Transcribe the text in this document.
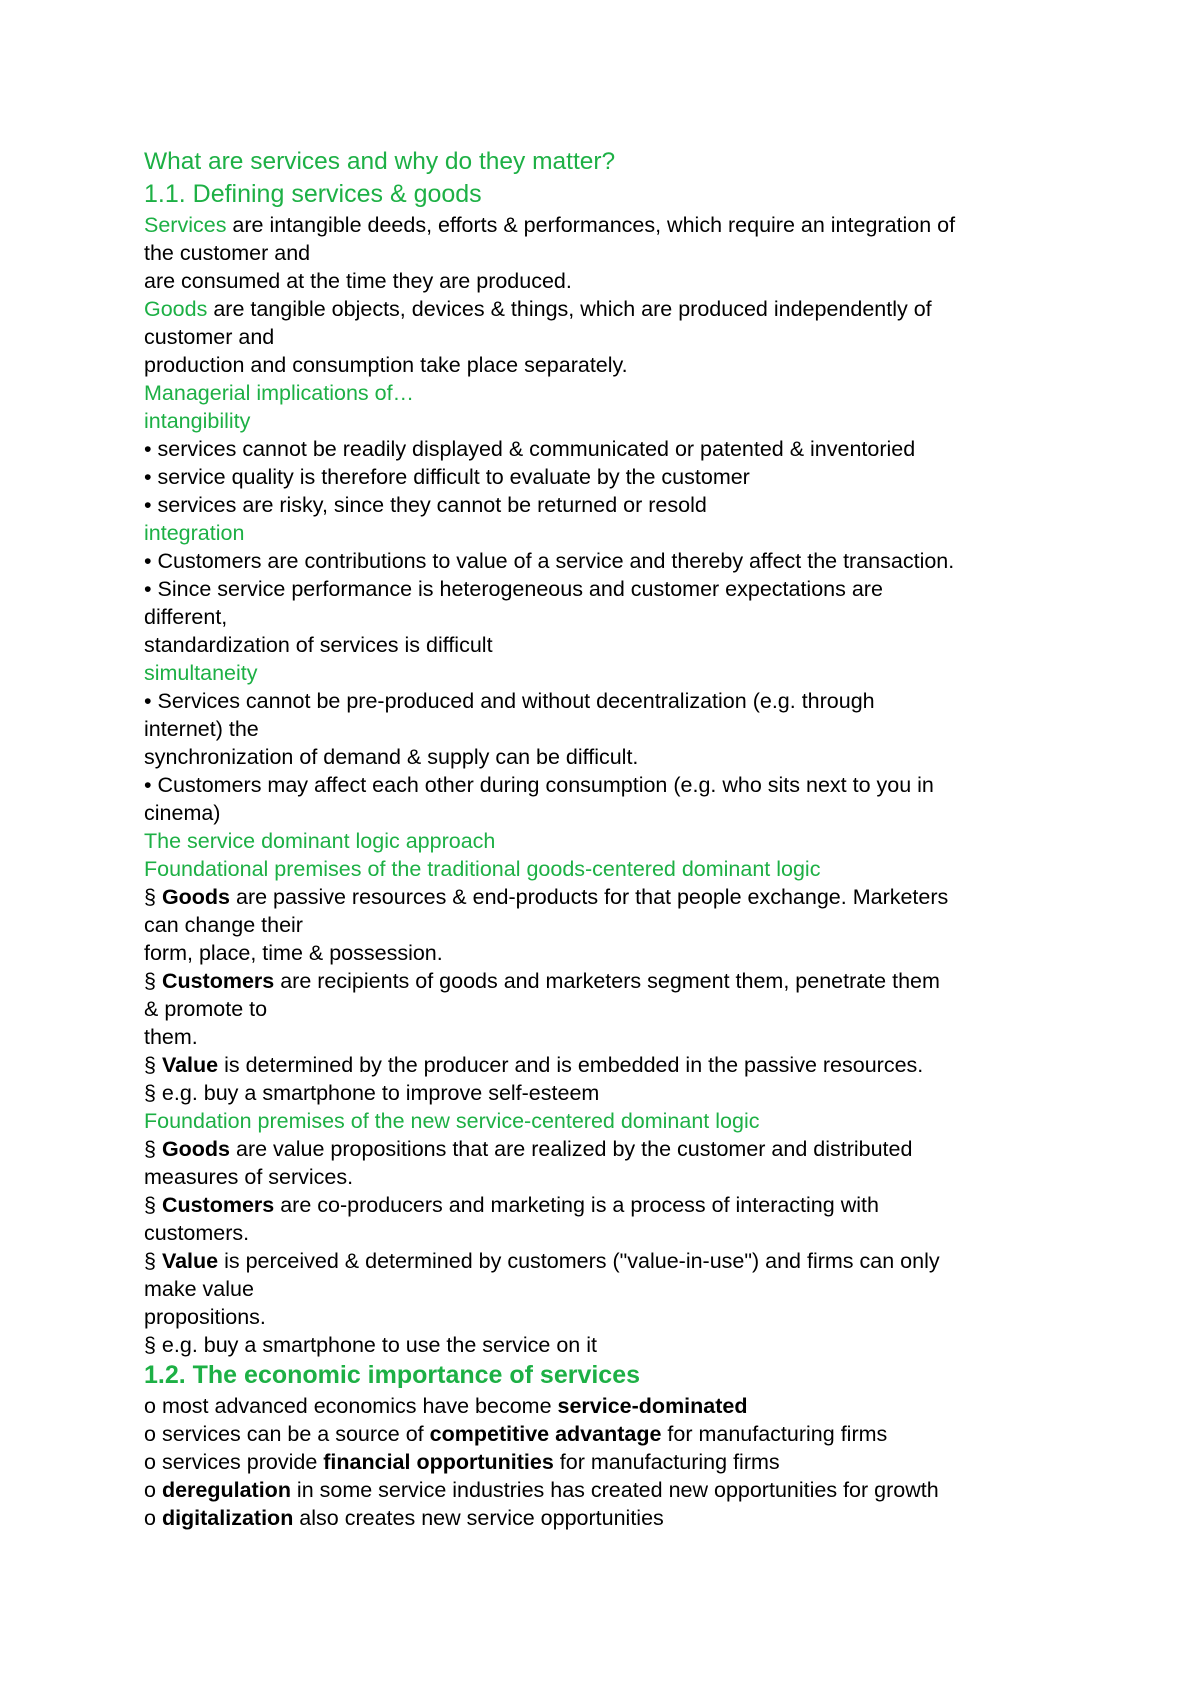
What are services and why do they matter?
1.1. Defining services & goods
Services are intangible deeds, efforts & performances, which require an integration of
the customer and
are consumed at the time they are produced.
Goods are tangible objects, devices & things, which are produced independently of
customer and
production and consumption take place separately.
Managerial implications of…
intangibility
• services cannot be readily displayed & communicated or patented & inventoried
• service quality is therefore difficult to evaluate by the customer
• services are risky, since they cannot be returned or resold
integration
• Customers are contributions to value of a service and thereby affect the transaction.
• Since service performance is heterogeneous and customer expectations are
different,
standardization of services is difficult
simultaneity
• Services cannot be pre-produced and without decentralization (e.g. through
internet) the
synchronization of demand & supply can be difficult.
• Customers may affect each other during consumption (e.g. who sits next to you in
cinema)
The service dominant logic approach
Foundational premises of the traditional goods-centered dominant logic
§ Goods are passive resources & end-products for that people exchange. Marketers
can change their
form, place, time & possession.
§ Customers are recipients of goods and marketers segment them, penetrate them
& promote to
them.
§ Value is determined by the producer and is embedded in the passive resources.
§ e.g. buy a smartphone to improve self-esteem
Foundation premises of the new service-centered dominant logic
§ Goods are value propositions that are realized by the customer and distributed
measures of services.
§ Customers are co-producers and marketing is a process of interacting with
customers.
§ Value is perceived & determined by customers ("value-in-use") and firms can only
make value
propositions.
§ e.g. buy a smartphone to use the service on it
1.2. The economic importance of services
o most advanced economics have become service-dominated
o services can be a source of competitive advantage for manufacturing firms
o services provide financial opportunities for manufacturing firms
o deregulation in some service industries has created new opportunities for growth
o digitalization also creates new service opportunities
